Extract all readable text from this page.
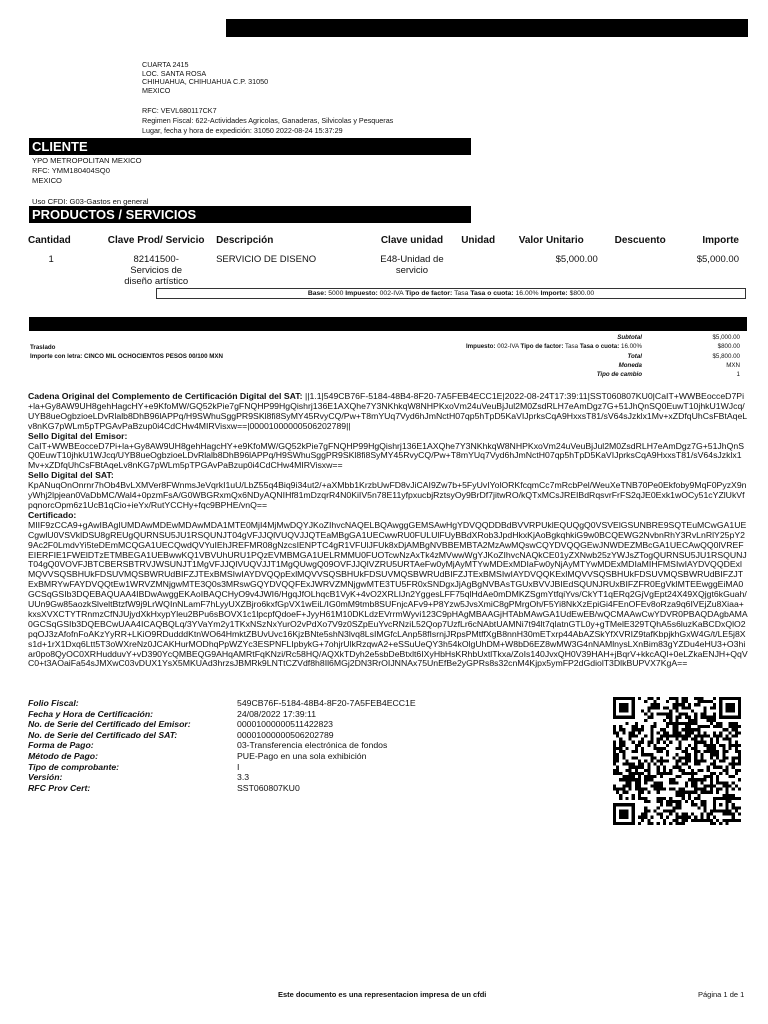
CUARTA 2415
LOC. SANTA ROSA
CHIHUAHUA, CHIHUAHUA C.P. 31050
MEXICO
RFC: VEVL680117CK7
Regimen Fiscal: 622-Actividades Agricolas, Ganaderas, Silvicolas y Pesqueras
Lugar, fecha y hora de expedición: 31050 2022-08-24 15:37:29
CLIENTE
YPO METROPOLITAN MEXICO
RFC: YMM180404SQ0
MEXICO
Uso CFDI: G03-Gastos en general
PRODUCTOS / SERVICIOS
Cantidad	Clave Prod/ Servicio	Descripción	Clave unidad	Unidad	Valor Unitario	Descuento	Importe
1	82141500- Servicios de diseño artístico	SERVICIO DE DISENO	E48-Unidad de servicio		$5,000.00		$5,000.00
Base: 5000 Impuesto: 002-IVA Tipo de factor: Tasa Tasa o cuota: 16.00% Importe: $800.00
Subtotal	$5,000.00
Traslado	Impuesto: 002-IVA Tipo de factor: Tasa Tasa o cuota: 16.00%	$800.00
Importe con letra: CINCO MIL OCHOCIENTOS PESOS 00/100 MXN	Total	$5,800.00
Moneda	MXN
Tipo de cambio	1
Cadena Original del Complemento de Certificación Digital del SAT: ||1.1|549CB76F-5184-48B4-8F20-7A5FEB4ECC1E|2022-08-24T17:39:11|SST060807KU0|CaIT+WWBEocceD7Pi+la+Gy8AW9UH8gehHagcHY+e9KfoMW/GQ52kPie7gFNQHP99HgQishrj136E1AXQhe7Y3NKhkqW8NHPKxoVm24uVeuBjJul2M0ZsdRLH7eAmDgz7G+51JhQnSQ0EuwT10jhkU1WJcq/UYB8ueOgbzioeLDvRlalb8DhB96lAPPq/H9SWhuSggPR9SKl8fi8SyMY45RvyCQ/Pw+T8mYUq7Vyd6hJmNctH07qp5hTpD5KaVIJprksCqA9HxxsT81/sV64sJzklx1Mv+xZDfqUhCsFBtAqeLv8nKG7pWLm5pTPGAvPaBzup0i4CdCHw4MIRVisxw==|00001000000506202789||
Sello Digital del Emisor:
CaIT+WWBEocceD7Pi+la+Gy8AW9UH8gehHagcHY+e9KfoMW/GQ52kPie7gFNQHP99HgQishrj136E1AXQhe7Y3NKhkqW8NHPKxoVm24uVeuBjJul2M0ZsdRLH7eAmDgz7G+51JhQnSQ0EuwT10jhkU1WJcq/UYB8ueOgbzioeLDvRlalb8DhB96lAPPq/H9SWhuSggPR9SKl8fi8SyMY45RvyCQ/Pw+T8mYUq7Vyd6hJmNctH07qp5hTpD5KaVIJprksCqA9HxxsT81/sV64sJzklx1Mv+xZDfqUhCsFBtAqeLv8nKG7pWLm5pTPGAvPaBzup0i4CdCHw4MIRVisxw==
Sello Digital del SAT:
KpANuqOnOnrnr7hOb4BvLXMVer8FWnmsJeVqrkI1uU/LbZ55q4Biq9i34ut2/+aXMbb1KrzbUwFD8vJiCAI9Zw7b+5FyUvIYolORKfcqmCc7mRcbPel/WeuXeTNB70Pe0Ekfoby9MqF0PyzX9nyWhj2lpjean0VaDbMC/Wal4+0pzmFsA/G0WBGRxmQx6NDyAQNIHf81mDzqrR4N0KiIV5n78E11yfpxucbjRztsyOy9BrDf7jitwRO/kQTxMCsJREIBdRqsvrFrFS2qJE0Exk1wOCy51cYZlUkVfpqnorcOpm6z1UcB1qCio+ieYx/RutYCCHy+fqc9BPHE/vnQ==
Certificado:
MIIF9zCCA9+gAwIBAgIUMDAwMDEwMDAwMDA1MTE0MjI4MjMwDQYJKoZIhvcNAQELBQAwggGEMSAwHgYDVQQDDBdBVVRPUklEQUQgQ0VSVElGSUNBRE9SQTEuMCwGA1UECgwlU0VSVklDSU8gREUgQURNSU5JU1RSQUNJT04gVFJJQlVUQVJJQTEaMBgGA1UECwwRU0FULUlFUyBBdXRob3JpdHkxKjAoBgkqhkiG9w0BCQEWG2NvbnRhY3RvLnRlY25pY29Ac2F0LmdvYi5teDEmMCQGA1UECQwdQVYuIEhJREFMR08gNzcsIENPTC4gR1VFUlJFUk8xDjAMBgNVBBEMBTA2MzAwMQswCQYDVQQGEwJNWDEZMBcGA1UECAwQQ0lVREFEIERFIE1FWElDTzETMBEGA1UEBwwKQ1VBVUhURU1PQzEVMBMGA1UELRMMU0FUOTcwNzAxTk4zMVwwWgYJKoZIhvcNAQkCE01yZXNwb25zYWJsZTogQURNSU5JU1RSQUNJT04gQ0VOVFJBTCBERSBTRVJWSUNJT1MgVFJJQlVUQVJJT1MgQUwgQ09OVFJJQlVZRU5URTAeFw0yMjAyMTYwMDExMDIaFw0yNjAyMTYwMDExMDIaMIHFMSIwIAYDVQQDExlMQVVSQSBHUkFDSUVMQSBWRUdBIFZJTExBMSIwIAYDVQQpExlMQVVSQSBHUkFDSUVMQSBWRUdBIFZJTExBMSIwIAYDVQQKExlMQVVSQSBHUkFDSUVMQSBWRUdBIFZJTExBMRYwFAYDVQQtEw1WRVZMNjgwMTE3Q0s3MRswGQYDVQQFExJWRVZMNjgwMTE3TU5FR0xSNDgxJjAgBgNVBAsTGUxBVVJBIEdSQUNJRUxBIFZFR0EgVklMTEEwggEiMA0GCSqGSIb3DQEBAQUAA4IBDwAwggEKAoIBAQCHyO9v4JWI6/HgqJfOLhqcB1VyK+4vO2XRLIJn2YggesLFF75qlHdAe0mDMKZSgmYtfqiYvs/CkYT1qERq2GjVgEpt24X49XQjgt6kGuah/UUn9Gw85aozkSlveltBtzfW9j9LrWQInNLamF7hLyyUXZBjro6kxfGpVX1wEiL/IG0mM9tmb8SUFnjcAFv9+P8Yzw5JvsXmiC8gPMrgOh/F5Yi8NkXzEpiGi4FEnOFEv8oRza9q6IVEjZu8Xiaa+kxsXVXCTYTRnmzCfNJUjydXkHxypYleu2BPu6sBOVX1c1lpcpfQdoeF+JyyH61M10DKLdzEVrrmWyvi123C9pHAgMBAAGjHTAbMAwGA1UdEwEB/wQCMAAwCwYDVR0PBAQDAgbAMA0GCSqGSIb3DQEBCwUAA4ICAQBQLq/3YVaYm2y1TKxNSzNxYurO2vPdXo7V9z0SZpEuYvcRNziL52Qop7UzfLr6cNAbtUAMNi7t94lt7qlatnGTL0y+gTMelE329TQhA5s6luzKaBCDxQlO2pqOJ3zAfofnFoAKzYyRR+LKiO9RDudddKtnWO64HmktZBUvUvc16KjzBNte5shN3lvq8LsIMGfcLAnp58fIsrnjJRpsPMtffXgB8nnH30mETxrp44AbAZSkYfXVRIZ9tafKbpjkhGxW4G/t/LE5j8Xs1d+1rX1Dxq6Ltt5T3oWXreNz0JCAKHurMODhqPpWZYc3ESPNFLIpbykG+7ohjrUlkRzqwA2+eSSuUeQY3h54kOlgUhDM+W8bD6EZ8wMW3G4nNAMlnysLXnBim83gYZDu4eHU3+O3hiar0po8QyOC0XRHudduvY+vD390YcQMBEQG9AHqAMRtFqKNzi/Rc58HQ/AQXkTDyh2e5sbDeBtxlt6IXyHbHsKRhbUxtlTkxa/ZoIs140JvxQH0V39HAH+jBqrV+kkcAQl+0eLZkaENJH+QqVC0+t3AOaiFa54sJMXwC03vDUX1YsX5MKUAd3hrzsJBMRk9LNTtCZVdf8h8Il6MGj2DN3RrOIJNNAx75UnEfBe2yGPRs8s32cnM4Kjpx5ymFP2dGdiolT3DlkBUPVX7KgA==
Folio Fiscal:	549CB76F-5184-48B4-8F20-7A5FEB4ECC1E
Fecha y Hora de Certificación:	24/08/2022 17:39:11
No. de Serie del Certificado del Emisor:	00001000000511422823
No. de Serie del Certificado del SAT:	00001000000506202789
Forma de Pago:	03-Transferencia electrónica de fondos
Método de Pago:	PUE-Pago en una sola exhibición
Tipo de comprobante:	I
Versión:	3.3
RFC Prov Cert:	SST060807KU0
Este documento es una representacion impresa de un cfdi	Página 1 de 1
